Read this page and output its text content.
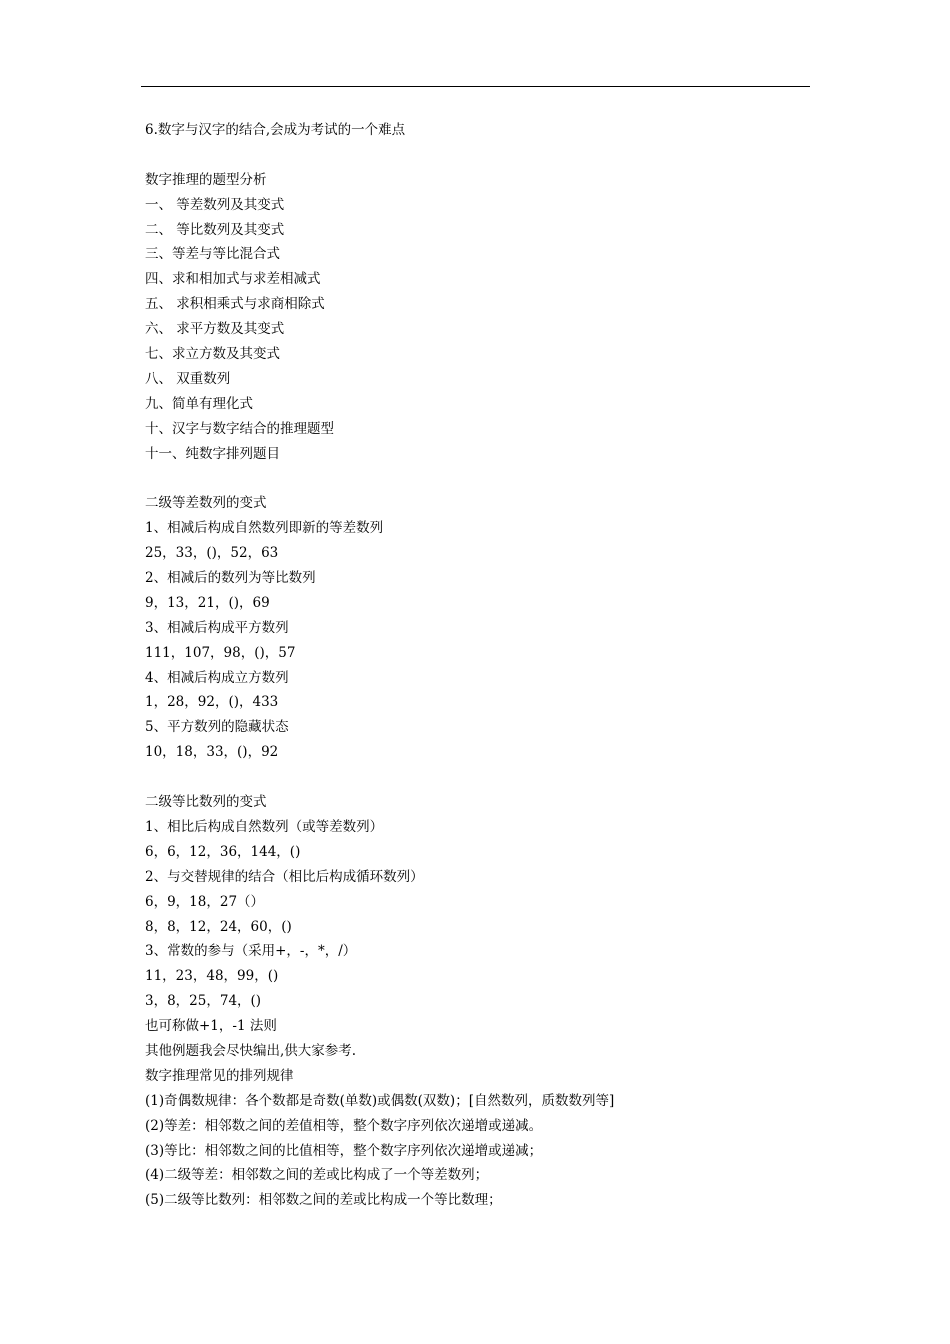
6.数字与汉字的结合,会成为考试的一个难点
数字推理的题型分析
一、 等差数列及其变式
二、 等比数列及其变式
三、等差与等比混合式
四、求和相加式与求差相减式
五、 求积相乘式与求商相除式
六、 求平方数及其变式
七、求立方数及其变式
八、 双重数列
九、简单有理化式
十、汉字与数字结合的推理题型
十一、纯数字排列题目
二级等差数列的变式
1、相减后构成自然数列即新的等差数列
25，33，()，52，63
2、相减后的数列为等比数列
9，13，21，()，69
3、相减后构成平方数列
111，107，98，()，57
4、相减后构成立方数列
1，28，92，()，433
5、平方数列的隐藏状态
10，18，33，()，92
二级等比数列的变式
1、相比后构成自然数列（或等差数列）
6，6，12，36，144，()
2、与交替规律的结合（相比后构成循环数列）
6，9，18，27（）
8，8，12，24，60，()
3、常数的参与（采用+，-，*，/）
11，23，48，99，()
3，8，25，74，()
也可称做+1，-1 法则
其他例题我会尽快编出,供大家参考.
数字推理常见的排列规律
(1)奇偶数规律：各个数都是奇数(单数)或偶数(双数)；[自然数列，质数数列等]
(2)等差：相邻数之间的差值相等，整个数字序列依次递增或递减。
(3)等比：相邻数之间的比值相等，整个数字序列依次递增或递减；
(4)二级等差：相邻数之间的差或比构成了一个等差数列；
(5)二级等比数列：相邻数之间的差或比构成一个等比数理；
